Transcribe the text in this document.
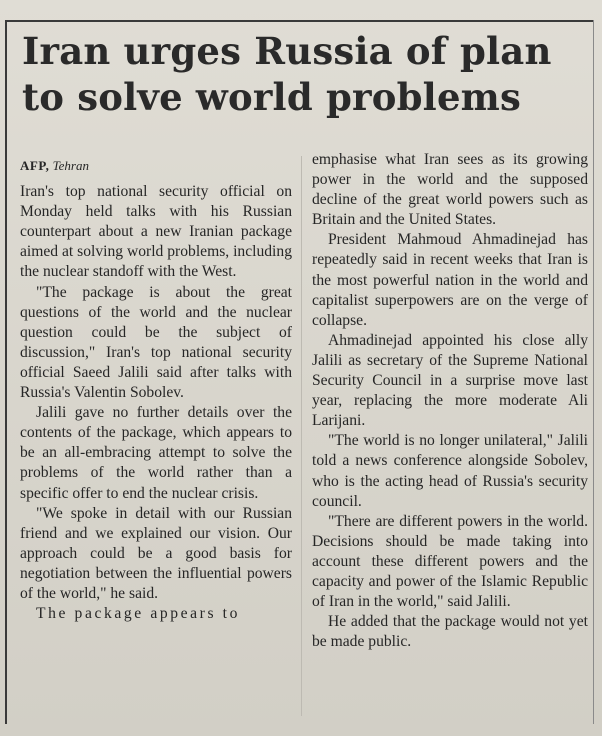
Iran urges Russia of plan to solve world problems
AFP, Tehran

Iran's top national security official on Monday held talks with his Russian counterpart about a new Iranian package aimed at solving world problems, including the nuclear standoff with the West.

"The package is about the great questions of the world and the nuclear question could be the subject of discussion," Iran's top national security official Saeed Jalili said after talks with Russia's Valentin Sobolev.

Jalili gave no further details over the contents of the package, which appears to be an all-embracing attempt to solve the problems of the world rather than a specific offer to end the nuclear crisis.

"We spoke in detail with our Russian friend and we explained our vision. Our approach could be a good basis for negotiation between the influential powers of the world," he said.

The package appears to

emphasise what Iran sees as its growing power in the world and the supposed decline of the great world powers such as Britain and the United States.

President Mahmoud Ahmadinejad has repeatedly said in recent weeks that Iran is the most powerful nation in the world and capitalist superpowers are on the verge of collapse.

Ahmadinejad appointed his close ally Jalili as secretary of the Supreme National Security Council in a surprise move last year, replacing the more moderate Ali Larijani.

"The world is no longer unilateral," Jalili told a news conference alongside Sobolev, who is the acting head of Russia's security council.

"There are different powers in the world. Decisions should be made taking into account these different powers and the capacity and power of the Islamic Republic of Iran in the world," said Jalili.

He added that the package would not yet be made public.
